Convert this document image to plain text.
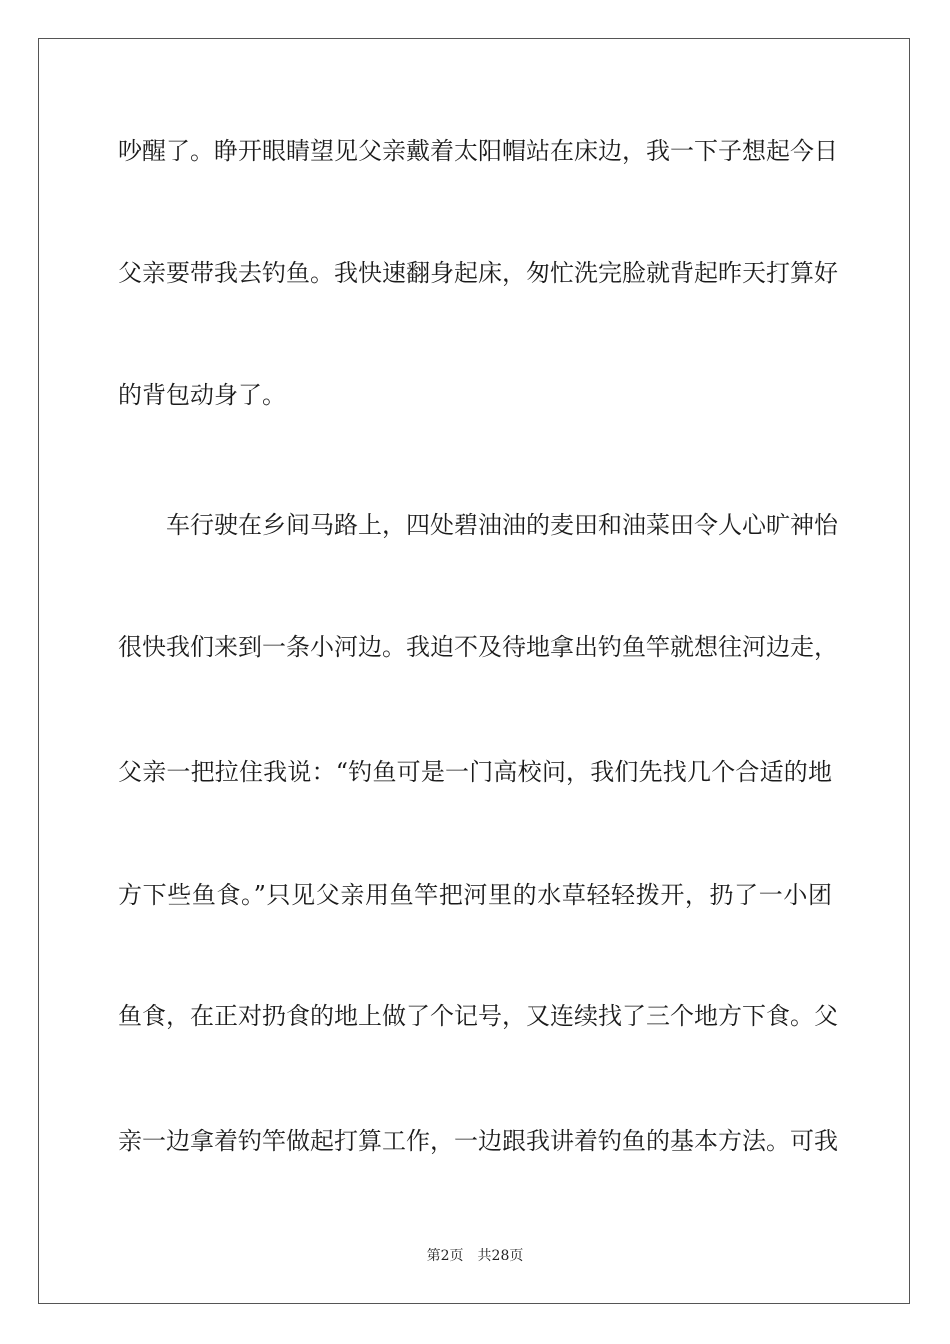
吵醒了。睁开眼睛望见父亲戴着太阳帽站在床边，我一下子想起今日
父亲要带我去钓鱼。我快速翻身起床，匆忙洗完脸就背起昨天打算好
的背包动身了。
车行驶在乡间马路上，四处碧油油的麦田和油菜田令人心旷神怡
很快我们来到一条小河边。我迫不及待地拿出钓鱼竿就想往河边走，
父亲一把拉住我说：“钓鱼可是一门高校问，我们先找几个合适的地
方下些鱼食。”只见父亲用鱼竿把河里的水草轻轻拨开，扔了一小团
鱼食，在正对扔食的地上做了个记号，又连续找了三个地方下食。父
亲一边拿着钓竿做起打算工作，一边跟我讲着钓鱼的基本方法。可我
第2页 共28页
